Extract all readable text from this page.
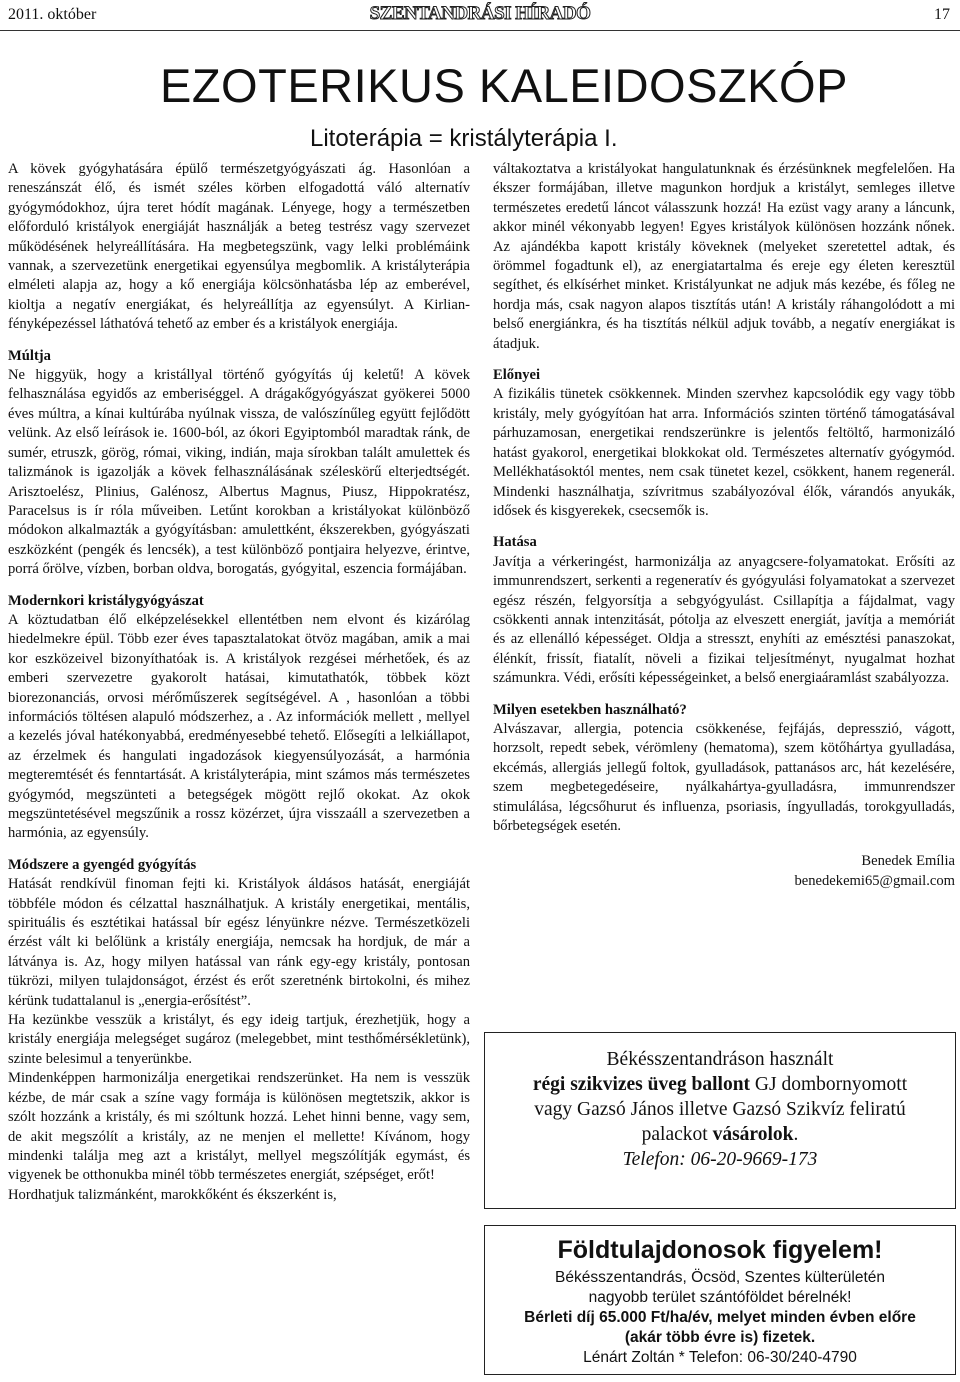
2011. október	SZENTANDRÁSI HÍRADÓ	17
EZOTERIKUS KALEIDOSZKÓP
Litoterápia = kristályterápia I.

A kövek gyógyhatására épülő természetgyógyászati ág. Hasonlóan a reneszánszát élő, és ismét széles körben elfogadottá váló alternatív gyógymódokhoz, újra teret hódít magának. Lényege, hogy a természetben előforduló kristályok energiáját használják a beteg testrész vagy szervezet működésének helyreállítására. Ha megbetegszünk, vagy lelki problémáink vannak, a szervezetünk energetikai egyensúlya megbomlik. A kristályterápia elméleti alapja az, hogy a kő energiája kölcsönhatásba lép az emberével, kioltja a negatív energiákat, és helyreállítja az egyensúlyt. A Kirlian-fényképezéssel láthatóvá tehető az ember és a kristályok energiája.

Múltja

Ne higgyük, hogy a kristállyal történő gyógyítás új keletű! A kövek felhasználása egyidős az emberiséggel. A drágakőgyógyászat gyökerei 5000 éves múltra, a kínai kultúrába nyúlnak vissza, de valószínűleg együtt fejlődött velünk. Az első leírások ie. 1600-ból, az ókori Egyiptomból maradtak ránk, de sumér, etruszk, görög, római, viking, indián, maja sírokban talált amulettek és talizmánok is igazolják a kövek felhasználásának széleskörű elterjedtségét. Arisztoelész, Plinius, Galénosz, Albertus Magnus, Piusz, Hippokratész, Paracelsus is ír róla műveiben. Letűnt korokban a kristályokat különböző módokon alkalmazták a gyógyításban: amulettként, ékszerekben, gyógyászati eszközként (pengék és lencsék), a test különböző pontjaira helyezve, érintve, porrá őrölve, vízben, borban oldva, borogatás, gyógyital, eszencia formájában.

Modernkori kristálygyógyászat

A köztudatban élő elképzelésekkel ellentétben nem elvont és kizárólag hiedelmekre épül. Több ezer éves tapasztalatokat ötvöz magában, amik a mai kor eszközeivel bizonyíthatóak is. A kristályok rezgései mérhetőek, és az emberi szervezetre gyakorolt hatásai, kimutathatók, többek közt biorezonanciás, orvosi mérőműszerek segítségével. A , hasonlóan a többi információs töltésen alapuló módszerhez, a . Az információk mellett , mellyel a kezelés jóval hatékonyabbá, eredményesebbé tehető. Elősegíti a lelkiállapot, az érzelmek és hangulati ingadozások kiegyensúlyozását, a harmónia megteremtését és fenntartását. A kristályterápia, mint számos más természetes gyógymód, megszünteti a betegségek mögött rejlő okokat. Az okok megszüntetésével megszűnik a rossz közérzet, újra visszaáll a szervezetben a harmónia, az egyensúly.

Módszere a gyengéd gyógyítás

Hatását rendkívül finoman fejti ki. Kristályok áldásos hatását, energiáját többféle módon és célzattal használhatjuk. A kristály energetikai, mentális, spirituális és esztétikai hatással bír egész lényünkre nézve. Természetközeli érzést vált ki belőlünk a kristály energiája, nemcsak ha hordjuk, de már a látványa is. Az, hogy milyen hatással van ránk egy-egy kristály, pontosan tükrözi, milyen tulajdonságot, érzést és erőt szeretnénk birtokolni, és mihez kérünk tudattalanul is „energia-erősítést”.

Ha kezünkbe vesszük a kristályt, és egy ideig tartjuk, érezhetjük, hogy a kristály energiája melegséget sugároz (melegebbet, mint testhőmérsékletünk), szinte belesimul a tenyerünkbe.

Mindenképpen harmonizálja energetikai rendszerünket. Ha nem is vesszük kézbe, de már csak a színe vagy formája is különösen megtetszik, akkor is szólt hozzánk a kristály, és mi szóltunk hozzá. Lehet hinni benne, vagy sem, de akit megszólít a kristály, az ne menjen el mellette! Kívánom, hogy mindenki találja meg azt a kristályt, mellyel megszólítják egymást, és vigyenek be otthonukba minél több természetes energiát, szépséget, erőt!

Hordhatjuk talizmánként, marokkőként és ékszerként is,

váltakoztatva a kristályokat hangulatunknak és érzésünknek megfelelően. Ha ékszer formájában, illetve magunkon hordjuk a kristályt, semleges illetve természetes eredetű láncot válasszunk hozzá! Ha ezüst vagy arany a láncunk, akkor minél vékonyabb legyen! Egyes kristályok különösen hozzánk nőnek. Az ajándékba kapott kristály köveknek (melyeket szeretettel adtak, és örömmel fogadtunk el), az energiatartalma és ereje egy életen keresztül segíthet, és elkísérhet minket. Kristályunkat ne adjuk más kezébe, és főleg ne hordja más, csak nagyon alapos tisztítás után! A kristály ráhangolódott a mi belső energiánkra, és ha tisztítás nélkül adjuk tovább, a negatív energiákat is átadjuk.

Előnyei

A fizikális tünetek csökkennek. Minden szervhez kapcsolódik egy vagy több kristály, mely gyógyítóan hat arra. Információs szinten történő támogatásával párhuzamosan, energetikai rendszerünkre is jelentős feltöltő, harmonizáló hatást gyakorol, energetikai blokkokat old. Természetes alternatív gyógymód. Mellékhatásoktól mentes, nem csak tünetet kezel, csökkent, hanem regenerál. Mindenki használhatja, szívritmus szabályozóval élők, várandós anyukák, idősek és kisgyerekek, csecsemők is.

Hatása

Javítja a vérkeringést, harmonizálja az anyagcsere-folyamatokat. Erősíti az immunrendszert, serkenti a regeneratív és gyógyulási folyamatokat a szervezet egész részén, felgyorsítja a sebgyógyulást. Csillapítja a fájdalmat, vagy csökkenti annak intenzitását, pótolja az elveszett energiát, javítja a memóriát és az ellenálló képességet. Oldja a stresszt, enyhíti az emésztési panaszokat, élénkít, frissít, fiatalít, növeli a fizikai teljesítményt, nyugalmat hozhat számunkra. Védi, erősíti képességeinket, a belső energiaáramlást szabályozza.

Milyen esetekben használható?

Alvászavar, allergia, potencia csökkenése, fejfájás, depresszió, vágott, horzsolt, repedt sebek, vérömleny (hematoma), szem kötőhártya gyulladása, ekcémás, allergiás jellegű foltok, gyulladások, pattanásos arc, hát kezelésére, szem megbetegedéseire, nyálkahártya-gyulladásra, immunrendszer stimulálása, légcsőhurut és influenza, psoriasis, íngyulladás, torokgyulladás, bőrbetegségek esetén.

Benedek Emília
benedekemi65@gmail.com
Békésszentandráson használt
régi szikvizes üveg ballont GJ dombornyomott
vagy Gazsó János illetve Gazsó Szikvíz feliratú
palackot vásárolok.
Telefon: 06-20-9669-173
Földtulajdonosok figyelem!
Békésszentandrás, Öcsöd, Szentes külterületén
nagyobb terület szántóföldet bérelnék!
Bérleti díj 65.000 Ft/ha/év, melyet minden évben előre
(akár több évre is) fizetek.
Lénárt Zoltán * Telefon: 06-30/240-4790
